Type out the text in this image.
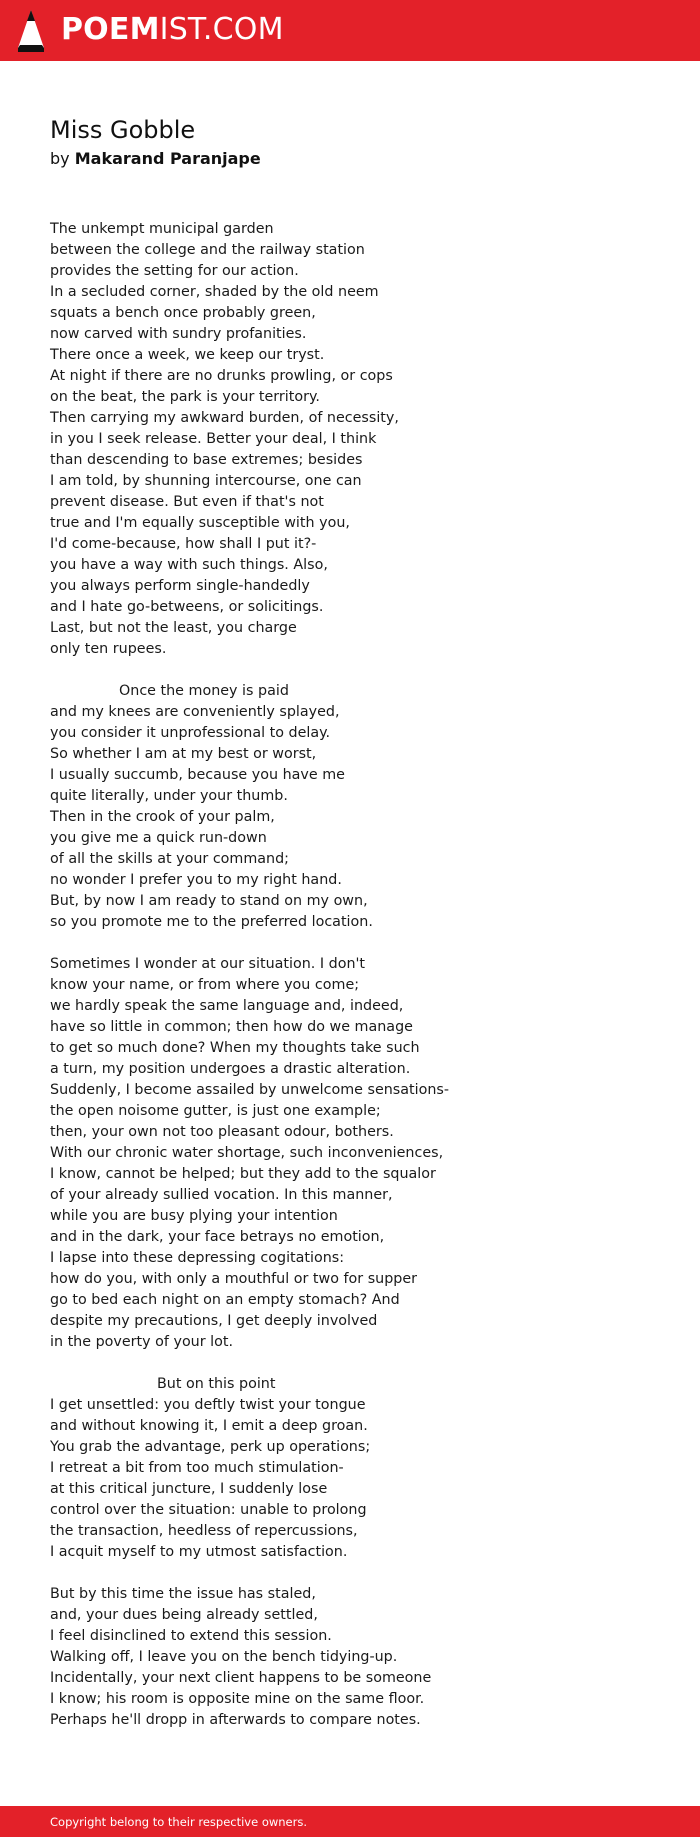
POEMIST.COM
Miss Gobble
by Makarand Paranjape
The unkempt municipal garden
between the college and the railway station
provides the setting for our action.
In a secluded corner, shaded by the old neem
squats a bench once probably green,
now carved with sundry profanities.
There once a week, we keep our tryst.
At night if there are no drunks prowling, or cops
on the beat, the park is your territory.
Then carrying my awkward burden, of necessity,
in you I seek release. Better your deal, I think
than descending to base extremes; besides
I am told, by shunning intercourse, one can
prevent disease. But even if that's not
true and I'm equally susceptible with you,
I'd come-because, how shall I put it?-
you have a way with such things. Also,
you always perform single-handedly
and I hate go-betweens, or solicitings.
Last, but not the least, you charge
only ten rupees.
Once the money is paid
and my knees are conveniently splayed,
you consider it unprofessional to delay.
So whether I am at my best or worst,
I usually succumb, because you have me
quite literally, under your thumb.
Then in the crook of your palm,
you give me a quick run-down
of all the skills at your command;
no wonder I prefer you to my right hand.
But, by now I am ready to stand on my own,
so you promote me to the preferred location.
Sometimes I wonder at our situation. I don't
know your name, or from where you come;
we hardly speak the same language and, indeed,
have so little in common; then how do we manage
to get so much done? When my thoughts take such
a turn, my position undergoes a drastic alteration.
Suddenly, I become assailed by unwelcome sensations-
the open noisome gutter, is just one example;
then, your own not too pleasant odour, bothers.
With our chronic water shortage, such inconveniences,
I know, cannot be helped; but they add to the squalor
of your already sullied vocation. In this manner,
while you are busy plying your intention
and in the dark, your face betrays no emotion,
I lapse into these depressing cogitations:
how do you, with only a mouthful or two for supper
go to bed each night on an empty stomach? And
despite my precautions, I get deeply involved
in the poverty of your lot.
But on this point
I get unsettled: you deftly twist your tongue
and without knowing it, I emit a deep groan.
You grab the advantage, perk up operations;
I retreat a bit from too much stimulation-
at this critical juncture, I suddenly lose
control over the situation: unable to prolong
the transaction, heedless of repercussions,
I acquit myself to my utmost satisfaction.
But by this time the issue has staled,
and, your dues being already settled,
I feel disinclined to extend this session.
Walking off, I leave you on the bench tidying-up.
Incidentally, your next client happens to be someone
I know; his room is opposite mine on the same floor.
Perhaps he'll dropp in afterwards to compare notes.
Copyright belong to their respective owners.
